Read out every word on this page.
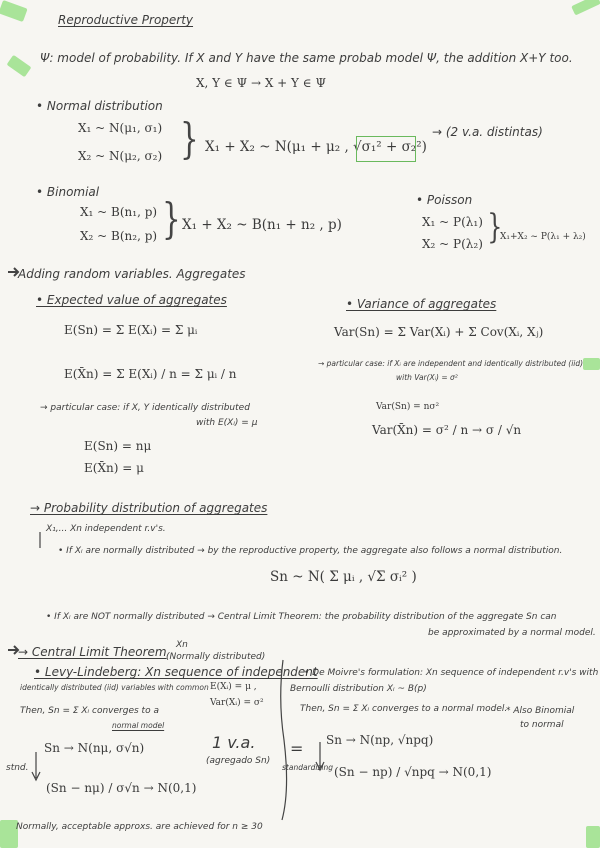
Reproductive Property
Ψ: model of probability. If X and Y have the same probab model Ψ, the addition X+Y too.
X, Y ∈ Ψ → X + Y ∈ Ψ
• Normal distribution
X₁ ~ N(μ₁, σ₁)
X₂ ~ N(μ₂, σ₂) } X₁ + X₂ ~ N(μ₁ + μ₂ , √σ₁² + σ₂²)
→ (2 v.a. distintas)
• Binomial
X₁ ~ B(n₁, p)
X₂ ~ B(n₂, p) } X₁ + X₂ ~ B(n₁ + n₂ , p)
• Poisson
X₁ ~ P(λ₁)
X₂ ~ P(λ₂) }
X₁+X₂ ~ P(λ₁ + λ₂)
Adding random variables. Aggregates
• Expected value of aggregates
E(Sn) = Σ E(Xᵢ) = Σ μᵢ
E(X̄n) = Σ E(Xᵢ) / n = Σ μᵢ / n
→ particular case: if X, Y identically distributed
with E(Xᵢ) = μ
E(Sn) = nμ
E(X̄n) = μ
• Variance of aggregates
Var(Sn) = Σ Var(Xᵢ) + Σ Cov(Xᵢ, Xⱼ)
→ particular case: if Xᵢ are independent and identically distributed (iid)
with Var(Xᵢ) = σ²
Var(Sn) = nσ²
Var(X̄n) = σ² / n → σ / √n
→ Probability distribution of aggregates
X₁,... Xn independent r.v's.
• If Xᵢ are normally distributed → by the reproductive property, the aggregate also follows a normal distribution.
Sn ~ N( Σ μᵢ , √Σ σᵢ² )
• If Xᵢ are NOT normally distributed → Central Limit Theorem: the probability distribution of the aggregate Sn can
be approximated by a normal model.
→ Central Limit Theorem Xn
(Normally distributed)
• Levy-Lindeberg: Xn sequence of independent
identically distributed (iid) variables with common E(Xᵢ) = μ ,
Var(Xᵢ) = σ²
Then, Sn = Σ Xᵢ converges to a
normal model
stnd.
Sn → N(nμ, σ√n)
(Sn − nμ) / σ√n → N(0,1)
1 v.a.
(agregado Sn)
=
standardizing
• De Moivre's formulation: Xn sequence of independent r.v's with
Bernoulli distribution Xᵢ ~ B(p)
Then, Sn = Σ Xᵢ converges to a normal model.
* Also Binomial
to normal
Sn → N(np, √npq)
(Sn − np) / √npq → N(0,1)
Normally, acceptable approxs. are achieved for n ≥ 30
